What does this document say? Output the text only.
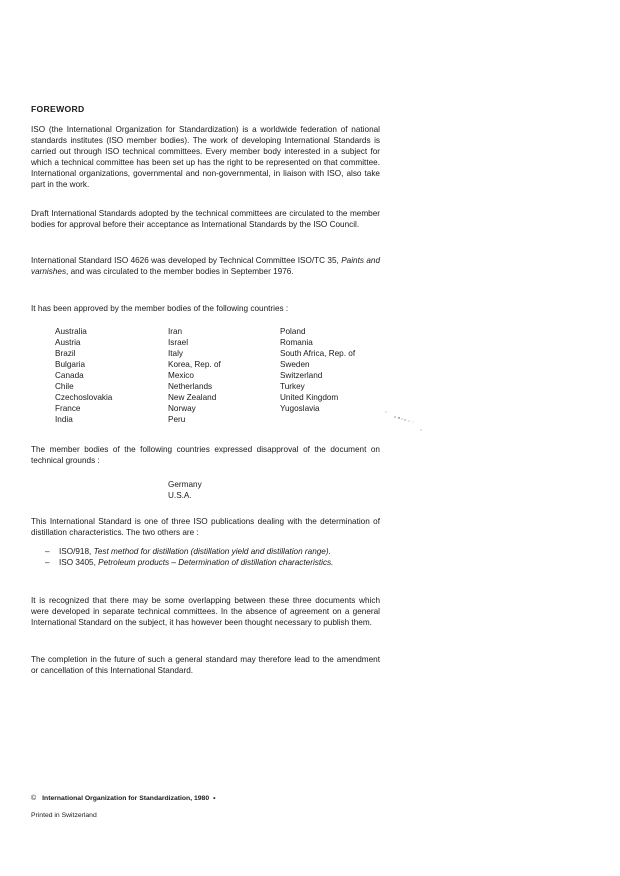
FOREWORD
ISO (the International Organization for Standardization) is a worldwide federation of national standards institutes (ISO member bodies). The work of developing International Standards is carried out through ISO technical committees. Every member body interested in a subject for which a technical committee has been set up has the right to be represented on that committee. International organizations, governmental and non-governmental, in liaison with ISO, also take part in the work.
Draft International Standards adopted by the technical committees are circulated to the member bodies for approval before their acceptance as International Standards by the ISO Council.
International Standard ISO 4626 was developed by Technical Committee ISO/TC 35, Paints and varnishes, and was circulated to the member bodies in September 1976.
It has been approved by the member bodies of the following countries :
Australia
Austria
Brazil
Bulgaria
Canada
Chile
Czechoslovakia
France
India
Iran
Israel
Italy
Korea, Rep. of
Mexico
Netherlands
New Zealand
Norway
Peru
Poland
Romania
South Africa, Rep. of
Sweden
Switzerland
Turkey
United Kingdom
Yugoslavia
The member bodies of the following countries expressed disapproval of the document on technical grounds :
Germany
U.S.A.
This International Standard is one of three ISO publications dealing with the determination of distillation characteristics. The two others are :
– ISO/918, Test method for distillation (distillation yield and distillation range).
– ISO 3405, Petroleum products – Determination of distillation characteristics.
It is recognized that there may be some overlapping between these three documents which were developed in separate technical committees. In the absence of agreement on a general International Standard on the subject, it has however been thought necessary to publish them.
The completion in the future of such a general standard may therefore lead to the amendment or cancellation of this International Standard.
© International Organization for Standardization, 1980 •
Printed in Switzerland
